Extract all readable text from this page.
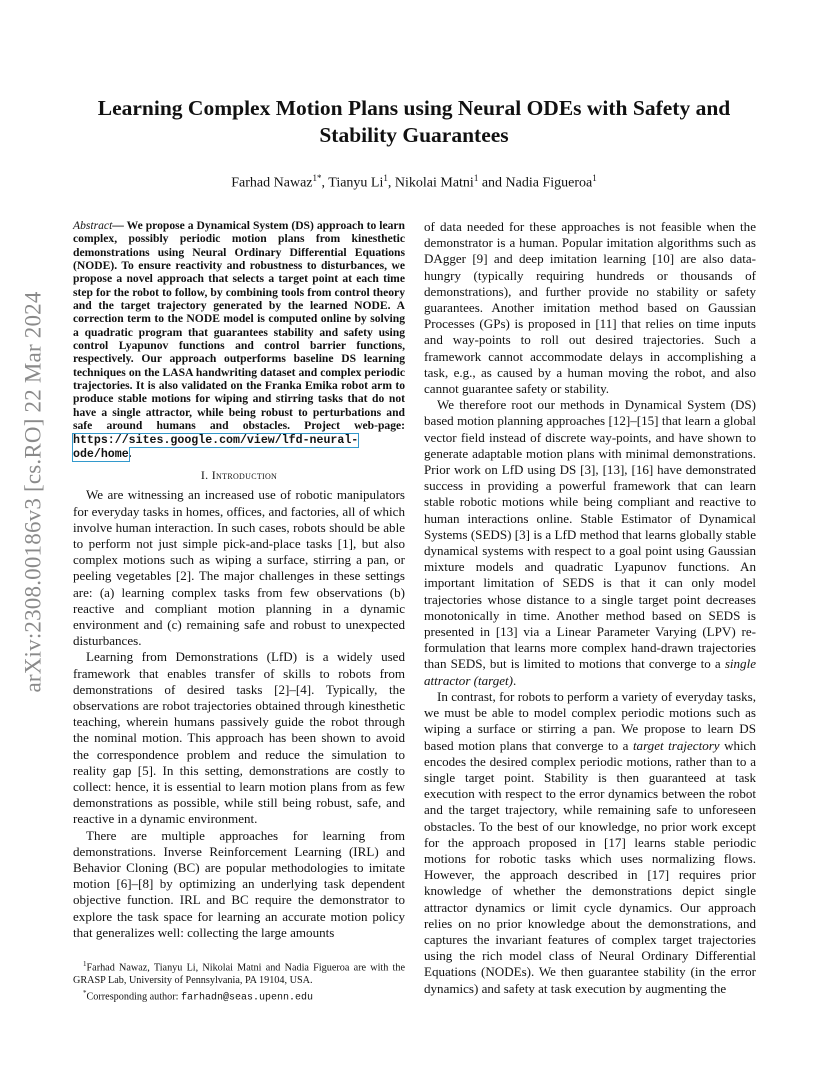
arXiv:2308.00186v3 [cs.RO] 22 Mar 2024
Learning Complex Motion Plans using Neural ODEs with Safety and Stability Guarantees
Farhad Nawaz$^{1*}$, Tianyu Li$^1$, Nikolai Matni$^1$ and Nadia Figueroa$^1$

Abstract— We propose a Dynamical System (DS) approach to learn complex, possibly periodic motion plans from kinesthetic demonstrations using Neural Ordinary Differential Equations (NODE). To ensure reactivity and robustness to disturbances, we propose a novel approach that selects a target point at each time step for the robot to follow, by combining tools from control theory and the target trajectory generated by the learned NODE. A correction term to the NODE model is computed online by solving a quadratic program that guarantees stability and safety using control Lyapunov functions and control barrier functions, respectively. Our approach outperforms baseline DS learning techniques on the LASA handwriting dataset and complex periodic trajectories. It is also validated on the Franka Emika robot arm to produce stable motions for wiping and stirring tasks that do not have a single attractor, while being robust to perturbations and safe around humans and obstacles. Project web-page: https://sites.google.com/view/lfd-neural-ode/home.

I. Introduction

We are witnessing an increased use of robotic manipulators for everyday tasks in homes, offices, and factories, all of which involve human interaction. In such cases, robots should be able to perform not just simple pick-and-place tasks [1], but also complex motions such as wiping a surface, stirring a pan, or peeling vegetables [2]. The major challenges in these settings are: (a) learning complex tasks from few observations (b) reactive and compliant motion planning in a dynamic environment and (c) remaining safe and robust to unexpected disturbances.

Learning from Demonstrations (LfD) is a widely used framework that enables transfer of skills to robots from demonstrations of desired tasks [2]–[4]. Typically, the observations are robot trajectories obtained through kinesthetic teaching, wherein humans passively guide the robot through the nominal motion. This approach has been shown to avoid the correspondence problem and reduce the simulation to reality gap [5]. In this setting, demonstrations are costly to collect: hence, it is essential to learn motion plans from as few demonstrations as possible, while still being robust, safe, and reactive in a dynamic environment.

There are multiple approaches for learning from demonstrations. Inverse Reinforcement Learning (IRL) and Behavior Cloning (BC) are popular methodologies to imitate motion [6]–[8] by optimizing an underlying task dependent objective function. IRL and BC require the demonstrator to explore the task space for learning an accurate motion policy that generalizes well: collecting the large amounts

$^1$Farhad Nawaz, Tianyu Li, Nikolai Matni and Nadia Figueroa are with the GRASP Lab, University of Pennsylvania, PA 19104, USA.

*Corresponding author: farhadn@seas.upenn.edu

of data needed for these approaches is not feasible when the demonstrator is a human. Popular imitation algorithms such as DAgger [9] and deep imitation learning [10] are also data-hungry (typically requiring hundreds or thousands of demonstrations), and further provide no stability or safety guarantees. Another imitation method based on Gaussian Processes (GPs) is proposed in [11] that relies on time inputs and way-points to roll out desired trajectories. Such a framework cannot accommodate delays in accomplishing a task, e.g., as caused by a human moving the robot, and also cannot guarantee safety or stability.

We therefore root our methods in Dynamical System (DS) based motion planning approaches [12]–[15] that learn a global vector field instead of discrete way-points, and have shown to generate adaptable motion plans with minimal demonstrations. Prior work on LfD using DS [3], [13], [16] have demonstrated success in providing a powerful framework that can learn stable robotic motions while being compliant and reactive to human interactions online. Stable Estimator of Dynamical Systems (SEDS) [3] is a LfD method that learns globally stable dynamical systems with respect to a goal point using Gaussian mixture models and quadratic Lyapunov functions. An important limitation of SEDS is that it can only model trajectories whose distance to a single target point decreases monotonically in time. Another method based on SEDS is presented in [13] via a Linear Parameter Varying (LPV) re-formulation that learns more complex hand-drawn trajectories than SEDS, but is limited to motions that converge to a single attractor (target).

In contrast, for robots to perform a variety of everyday tasks, we must be able to model complex periodic motions such as wiping a surface or stirring a pan. We propose to learn DS based motion plans that converge to a target trajectory which encodes the desired complex periodic motions, rather than to a single target point. Stability is then guaranteed at task execution with respect to the error dynamics between the robot and the target trajectory, while remaining safe to unforeseen obstacles. To the best of our knowledge, no prior work except for the approach proposed in [17] learns stable periodic motions for robotic tasks which uses normalizing flows. However, the approach described in [17] requires prior knowledge of whether the demonstrations depict single attractor dynamics or limit cycle dynamics. Our approach relies on no prior knowledge about the demonstrations, and captures the invariant features of complex target trajectories using the rich model class of Neural Ordinary Differential Equations (NODEs). We then guarantee stability (in the error dynamics) and safety at task execution by augmenting the
